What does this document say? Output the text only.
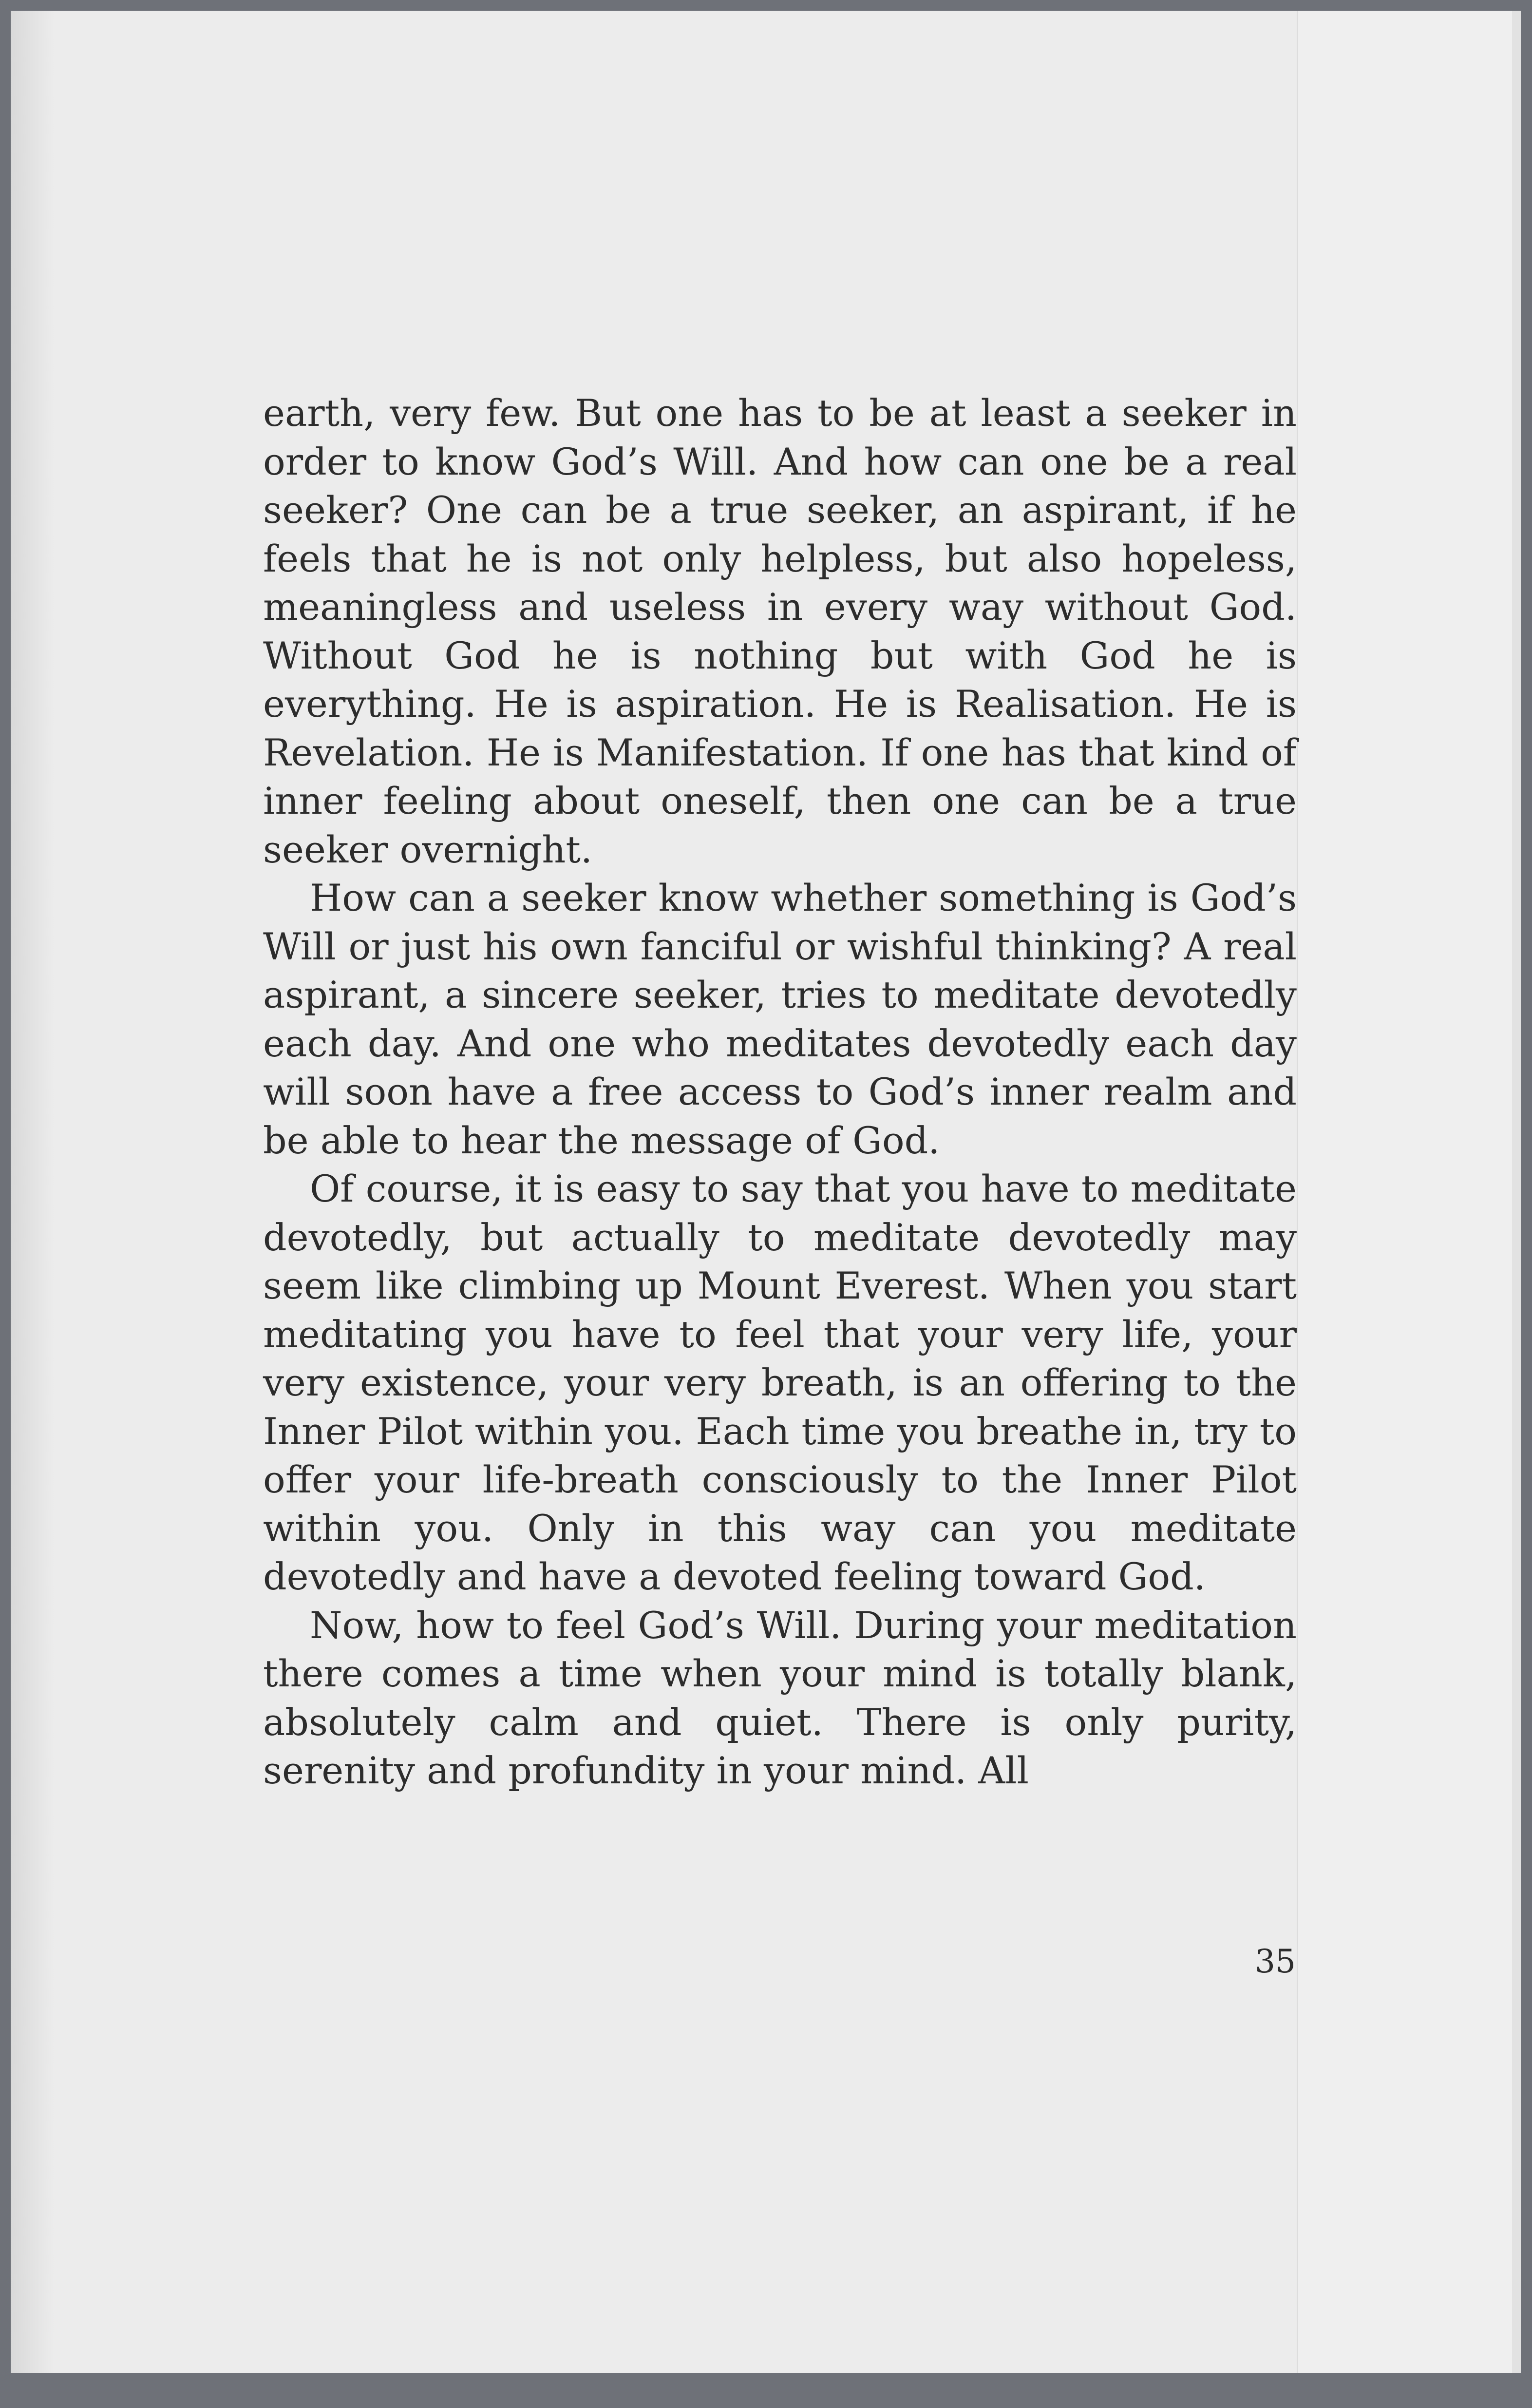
earth, very few. But one has to be at least a seeker in order to know God’s Will. And how can one be a real seeker? One can be a true seeker, an aspirant, if he feels that he is not only helpless, but also hopeless, meaningless and useless in every way without God. Without God he is nothing but with God he is everything. He is aspiration. He is Realisation. He is Revelation. He is Manifestation. If one has that kind of inner feeling about oneself, then one can be a true seeker overnight.

How can a seeker know whether something is God’s Will or just his own fanciful or wishful thinking? A real aspirant, a sincere seeker, tries to meditate devotedly each day. And one who meditates devotedly each day will soon have a free access to God’s inner realm and be able to hear the message of God.

Of course, it is easy to say that you have to meditate devotedly, but actually to meditate devotedly may seem like climbing up Mount Everest. When you start meditating you have to feel that your very life, your very existence, your very breath, is an offering to the Inner Pilot within you. Each time you breathe in, try to offer your life-breath consciously to the Inner Pilot within you. Only in this way can you meditate devotedly and have a devoted feeling toward God.

Now, how to feel God’s Will. During your meditation there comes a time when your mind is totally blank, absolutely calm and quiet. There is only purity, serenity and profundity in your mind. All

35
